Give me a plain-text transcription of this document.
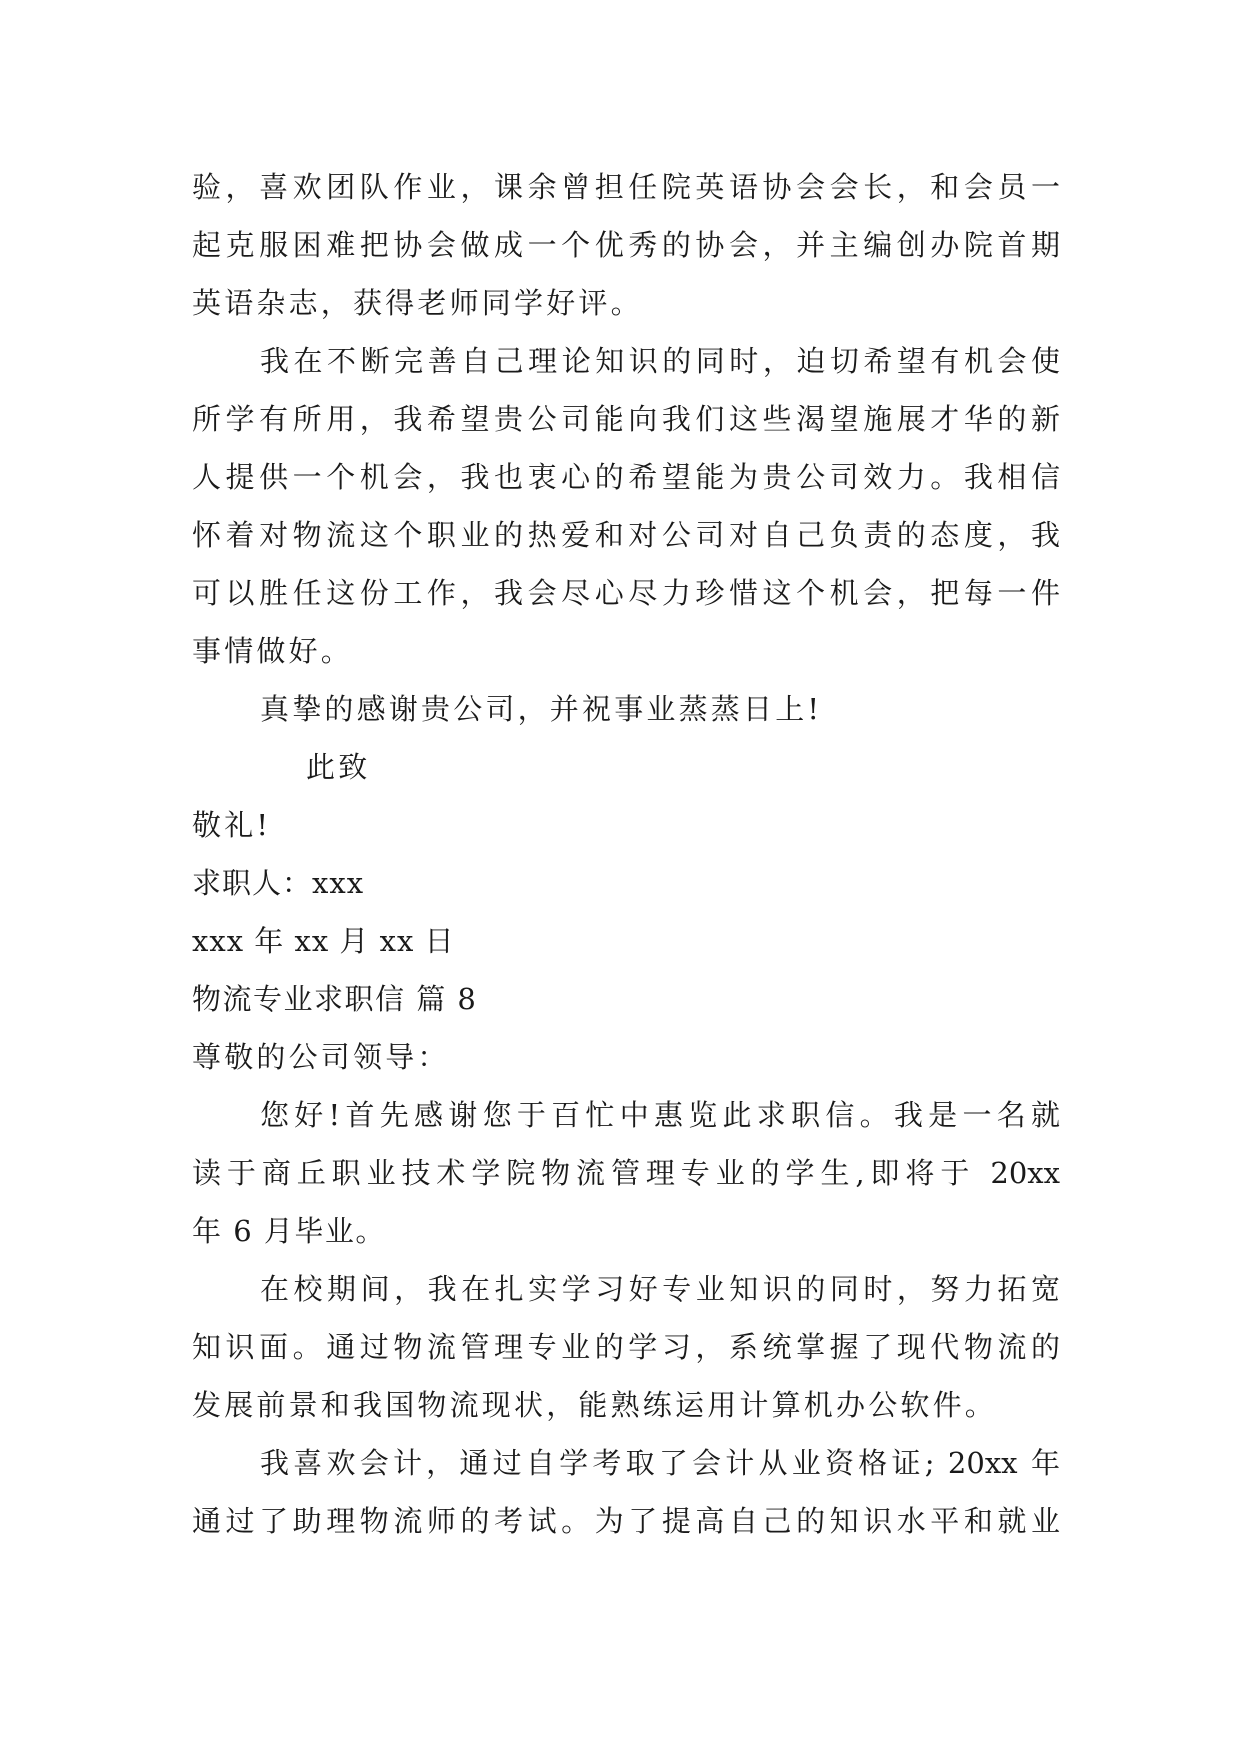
验，喜欢团队作业，课余曾担任院英语协会会长，和会员一
起克服困难把协会做成一个优秀的协会，并主编创办院首期
英语杂志，获得老师同学好评。
我在不断完善自己理论知识的同时，迫切希望有机会使
所学有所用，我希望贵公司能向我们这些渴望施展才华的新
人提供一个机会，我也衷心的希望能为贵公司效力。我相信
怀着对物流这个职业的热爱和对公司对自己负责的态度，我
可以胜任这份工作，我会尽心尽力珍惜这个机会，把每一件
事情做好。
真挚的感谢贵公司，并祝事业蒸蒸日上!
此致
敬礼!
求职人：xxx
xxx 年 xx 月 xx 日
物流专业求职信 篇 8
尊敬的公司领导：
您好!首先感谢您于百忙中惠览此求职信。我是一名就
读于商丘职业技术学院物流管理专业的学生,即将于 20xx
年 6 月毕业。
在校期间，我在扎实学习好专业知识的同时，努力拓宽
知识面。通过物流管理专业的学习，系统掌握了现代物流的
发展前景和我国物流现状，能熟练运用计算机办公软件。
我喜欢会计，通过自学考取了会计从业资格证; 20xx 年
通过了助理物流师的考试。为了提高自己的知识水平和就业
